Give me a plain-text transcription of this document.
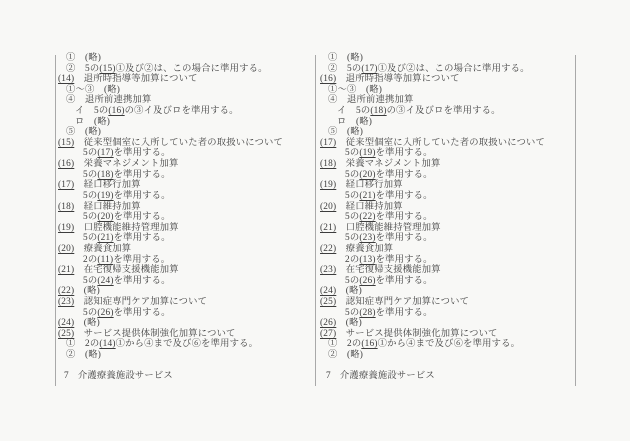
①　(略)
②　5の(15)①及び②は、この場合に準用する。
(14)　退所時指導等加算について
①～③　(略)
④　退所前連携加算
イ　5の(16)の③イ及びロを準用する。
ロ　(略)
⑤　(略)
(15)　従来型個室に入所していた者の取扱いについて
5の(17)を準用する。
(16)　栄養マネジメント加算
5の(18)を準用する。
(17)　経口移行加算
5の(19)を準用する。
(18)　経口維持加算
5の(20)を準用する。
(19)　口腔機能維持管理加算
5の(21)を準用する。
(20)　療養食加算
2の(11)を準用する。
(21)　在宅復帰支援機能加算
5の(24)を準用する。
(22)　(略)
(23)　認知症専門ケア加算について
5の(26)を準用する。
(24)　(略)
(25)　サービス提供体制強化加算について
①　2の(14)①から④まで及び⑥を準用する。
②　(略)
①　(略)
②　5の(17)①及び②は、この場合に準用する。
(16)　退所時指導等加算について
①～③　(略)
④　退所前連携加算
イ　5の(18)の③イ及びロを準用する。
ロ　(略)
⑤　(略)
(17)　従来型個室に入所していた者の取扱いについて
5の(19)を準用する。
(18)　栄養マネジメント加算
5の(20)を準用する。
(19)　経口移行加算
5の(21)を準用する。
(20)　経口維持加算
5の(22)を準用する。
(21)　口腔機能維持管理加算
5の(23)を準用する。
(22)　療養食加算
2の(13)を準用する。
(23)　在宅復帰支援機能加算
5の(26)を準用する。
(24)　(略)
(25)　認知症専門ケア加算について
5の(28)を準用する。
(26)　(略)
(27)　サービス提供体制強化加算について
①　2の(16)①から④まで及び⑥を準用する。
②　(略)
7 介護療養施設サービス	7 介護療養施設サービス
